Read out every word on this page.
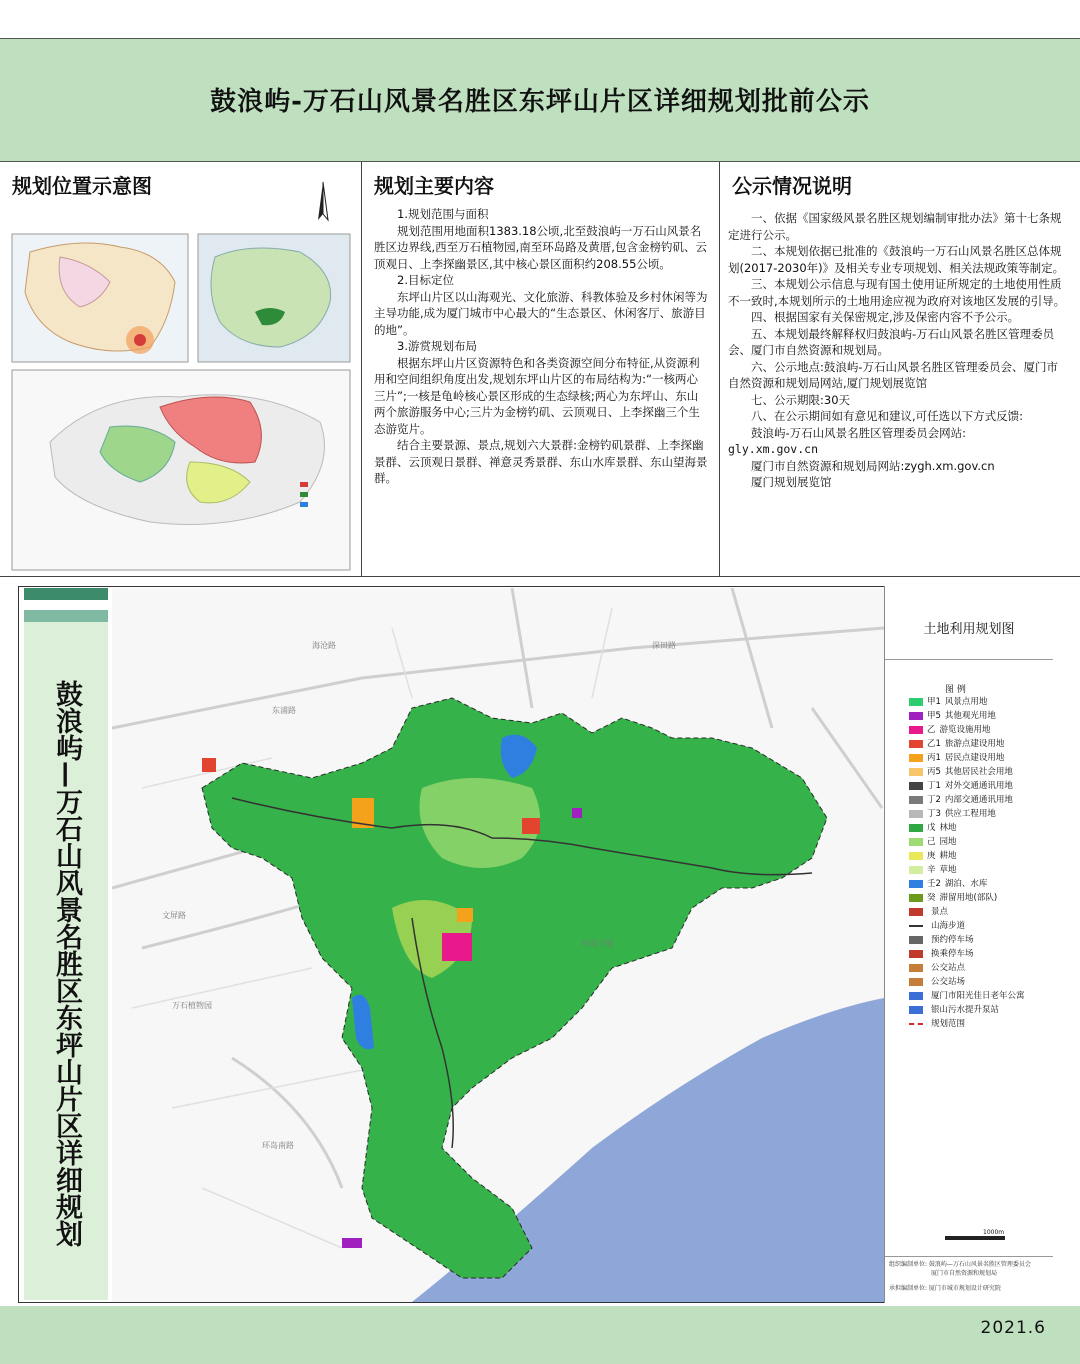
鼓浪屿-万石山风景名胜区东坪山片区详细规划批前公示
规划位置示意图	规划主要内容

1.规划范围与面积

规划范围用地面积1383.18公顷,北至鼓浪屿一万石山风景名胜区边界线,西至万石植物园,南至环岛路及黄厝,包含金榜钓矶、云顶观日、上李探幽景区,其中核心景区面积约208.55公顷。

2.目标定位

东坪山片区以山海观光、文化旅游、科教体验及乡村休闲等为主导功能,成为厦门城市中心最大的“生态景区、休闲客厅、旅游目的地”。

3.游赏规划布局

根据东坪山片区资源特色和各类资源空间分布特征,从资源利用和空间组织角度出发,规划东坪山片区的布局结构为:“一核两心三片”;一核是龟岭核心景区形成的生态绿核;两心为东坪山、东山两个旅游服务中心;三片为金榜钓矶、云顶观日、上李探幽三个生态游览片。

结合主要景源、景点,规划六大景群:金榜钓矶景群、上李探幽景群、云顶观日景群、禅意灵秀景群、东山水库景群、东山望海景群。

公示情况说明

一、依据《国家级风景名胜区规划编制审批办法》第十七条规定进行公示。

二、本规划依据已批准的《鼓浪屿一万石山风景名胜区总体规划(2017-2030年)》及相关专业专项规划、相关法规政策等制定。

三、本规划公示信息与现有国土使用证所规定的土地使用性质不一致时,本规划所示的土地用途应视为政府对该地区发展的引导。

四、根据国家有关保密规定,涉及保密内容不予公示。

五、本规划最终解释权归鼓浪屿-万石山风景名胜区管理委员会、厦门市自然资源和规划局。

六、公示地点:鼓浪屿-万石山风景名胜区管理委员会、厦门市自然资源和规划局网站,厦门规划展览馆

七、公示期限:30天

八、在公示期间如有意见和建议,可任选以下方式反馈:

鼓浪屿-万石山风景名胜区管理委员会网站:

gly.xm.gov.cn

厦门市自然资源和规划局网站:zygh.xm.gov.cn

厦门规划展览馆

鼓浪屿—万石山风景名胜区东坪山片区详细规划	环岛干道
东浦路
文屏路
万石植物园
环岛南路
海沧路	深田路
土地利用规划图
图 例
甲1 风景点用地
甲5 其他观光用地
乙 游览设施用地
乙1 旅游点建设用地
丙1 居民点建设用地
丙5 其他居民社会用地
丁1 对外交通通讯用地
丁2 内部交通通讯用地
丁3 供应工程用地
戊 林地
己 园地
庚 耕地
辛 草地
壬2 湖泊、水库
癸 滞留用地(部队)
景点
山海步道
预约停车场
换乘停车场
公交站点
公交站场
厦门市阳光佳日老年公寓
银山污水提升泵站
规划范围
1000m
组织编制单位: 鼓浪屿—万石山风景名胜区管理委员会
厦门市自然资源和规划局
承担编制单位: 厦门市城市规划设计研究院
2021.6
